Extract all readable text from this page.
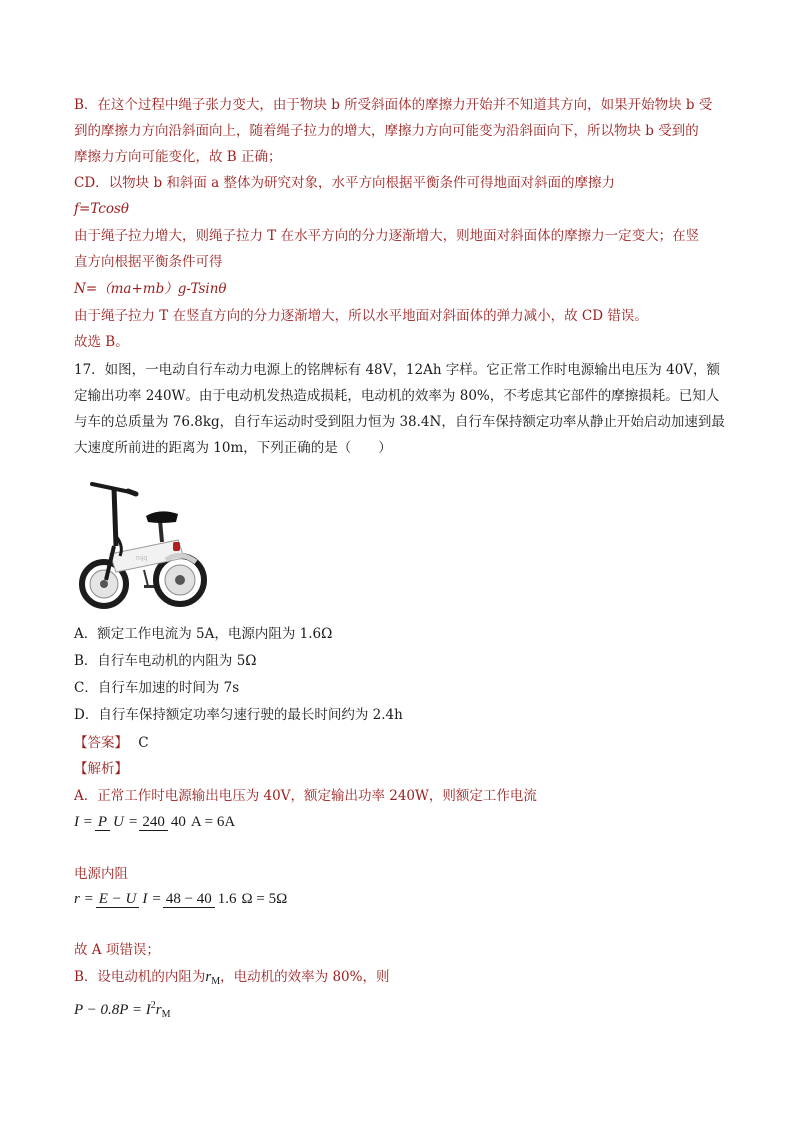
B．在这个过程中绳子张力变大，由于物块 b 所受斜面体的摩擦力开始并不知道其方向，如果开始物块 b 受
到的摩擦力方向沿斜面向上，随着绳子拉力的增大，摩擦力方向可能变为沿斜面向下，所以物块 b 受到的
摩擦力方向可能变化，故 B 正确；
CD．以物块 b 和斜面 a 整体为研究对象，水平方向根据平衡条件可得地面对斜面的摩擦力
f=Tcosθ
由于绳子拉力增大，则绳子拉力 T 在水平方向的分力逐渐增大，则地面对斜面体的摩擦力一定变大；在竖
直方向根据平衡条件可得
N=（ma+mb）g-Tsinθ
由于绳子拉力 T 在竖直方向的分力逐渐增大，所以水平地面对斜面体的弹力减小，故 CD 错误。
故选 B。
17．如图，一电动自行车动力电源上的铭牌标有 48V，12Ah 字样。它正常工作时电源输出电压为 40V，额
定输出功率 240W。由于电动机发热造成损耗，电动机的效率为 80%，不考虑其它部件的摩擦损耗。已知人
与车的总质量为 76.8kg，自行车运动时受到阻力恒为 38.4N，自行车保持额定功率从静止开始启动加速到最
大速度所前进的距离为 10m，下列正确的是（　　）
mjq
A．额定工作电流为 5A，电源内阻为 1.6Ω
B．自行车电动机的内阻为 5Ω
C．自行车加速的时间为 7s
D．自行车保持额定功率匀速行驶的最长时间约为 2.4h
【答案】 C
【解析】
A．正常工作时电源输出电压为 40V，额定输出功率 240W，则额定工作电流
I = P U = 240 40 A = 6A
电源内阻
r = E − U I = 48 − 40 1.6 Ω = 5Ω
故 A 项错误；
B．设电动机的内阻为$r_M$，电动机的效率为 80%，则
$P - 0.8P = I^2r_M$
